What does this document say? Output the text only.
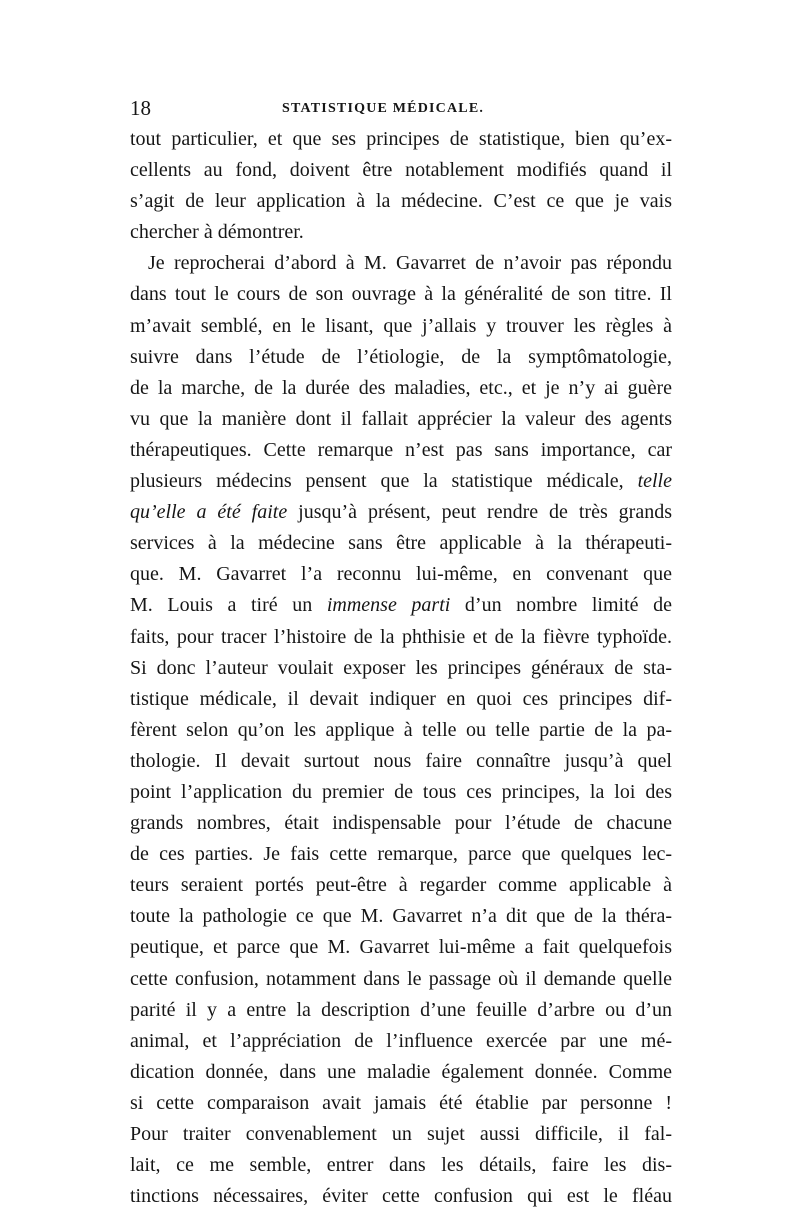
18	STATISTIQUE MÉDICALE.
tout particulier, et que ses principes de statistique, bien qu’ex-
cellents au fond, doivent être notablement modifiés quand il
s’agit de leur application à la médecine. C’est ce que je vais
chercher à démontrer.
Je reprocherai d’abord à M. Gavarret de n’avoir pas répondu
dans tout le cours de son ouvrage à la généralité de son titre. Il
m’avait semblé, en le lisant, que j’allais y trouver les règles à
suivre dans l’étude de l’étiologie, de la symptômatologie,
de la marche, de la durée des maladies, etc., et je n’y ai guère
vu que la manière dont il fallait apprécier la valeur des agents
thérapeutiques. Cette remarque n’est pas sans importance, car
plusieurs médecins pensent que la statistique médicale, telle
qu’elle a été faite jusqu’à présent, peut rendre de très grands
services à la médecine sans être applicable à la thérapeuti-
que. M. Gavarret l’a reconnu lui-même, en convenant que
M. Louis a tiré un immense parti d’un nombre limité de
faits, pour tracer l’histoire de la phthisie et de la fièvre typhoïde.
Si donc l’auteur voulait exposer les principes généraux de sta-
tistique médicale, il devait indiquer en quoi ces principes dif-
fèrent selon qu’on les applique à telle ou telle partie de la pa-
thologie. Il devait surtout nous faire connaître jusqu’à quel
point l’application du premier de tous ces principes, la loi des
grands nombres, était indispensable pour l’étude de chacune
de ces parties. Je fais cette remarque, parce que quelques lec-
teurs seraient portés peut-être à regarder comme applicable à
toute la pathologie ce que M. Gavarret n’a dit que de la théra-
peutique, et parce que M. Gavarret lui-même a fait quelquefois
cette confusion, notamment dans le passage où il demande quelle
parité il y a entre la description d’une feuille d’arbre ou d’un
animal, et l’appréciation de l’influence exercée par une mé-
dication donnée, dans une maladie également donnée. Comme
si cette comparaison avait jamais été établie par personne !
Pour traiter convenablement un sujet aussi difficile, il fal-
lait, ce me semble, entrer dans les détails, faire les dis-
tinctions nécessaires, éviter cette confusion qui est le fléau
